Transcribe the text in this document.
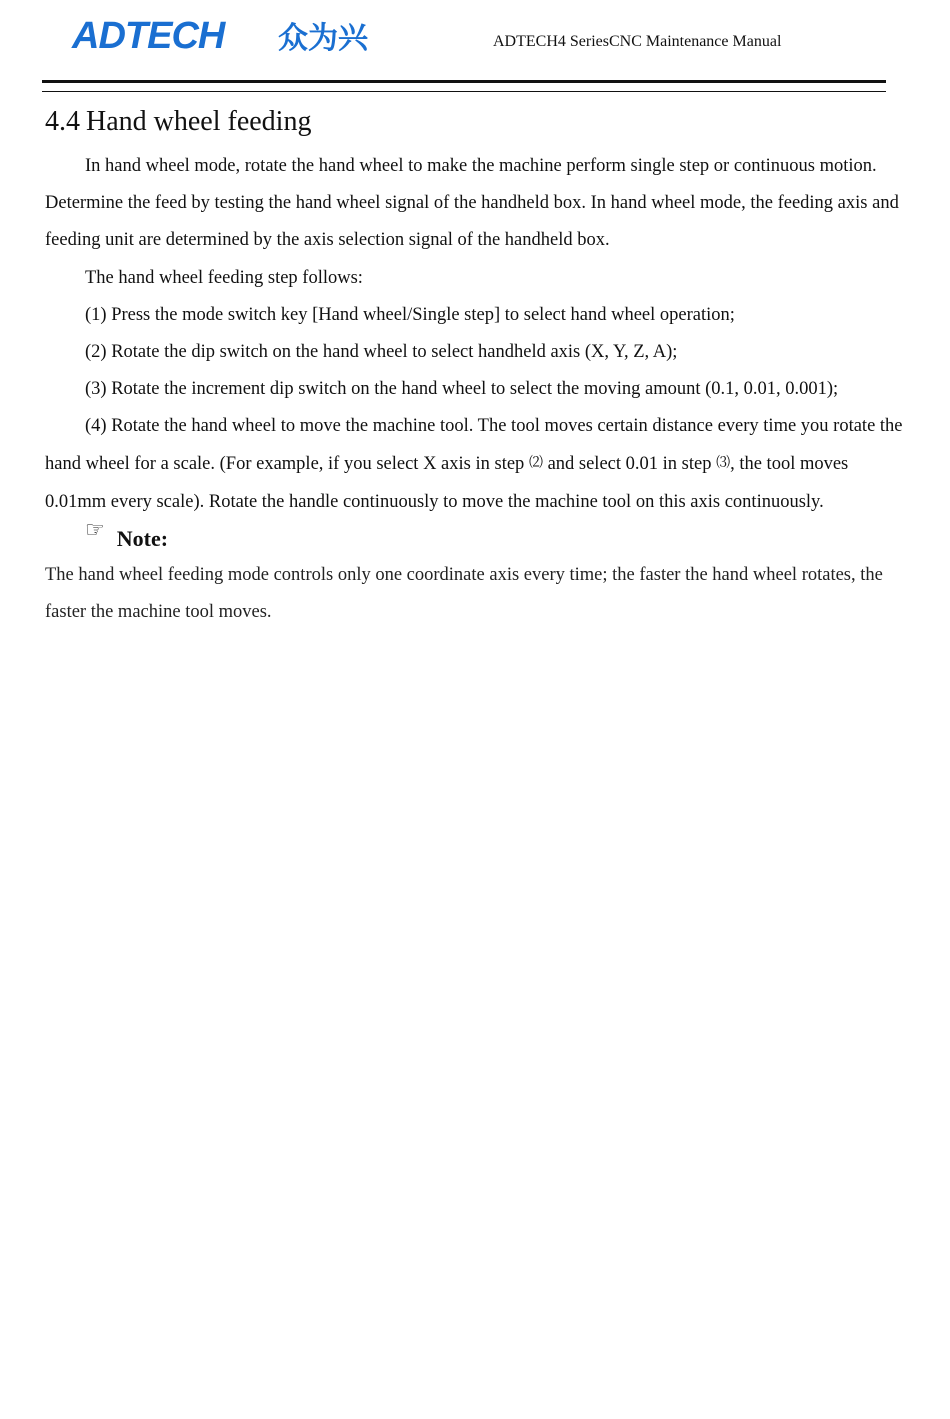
ADTECH 众为兴	ADTECH4 SeriesCNC Maintenance Manual
4.4 Hand wheel feeding

In hand wheel mode, rotate the hand wheel to make the machine perform single step or continuous motion. Determine the feed by testing the hand wheel signal of the handheld box. In hand wheel mode, the feeding axis and feeding unit are determined by the axis selection signal of the handheld box.

The hand wheel feeding step follows:

(1) Press the mode switch key [Hand wheel/Single step] to select hand wheel operation;

(2) Rotate the dip switch on the hand wheel to select handheld axis (X, Y, Z, A);

(3) Rotate the increment dip switch on the hand wheel to select the moving amount (0.1, 0.01, 0.001);

(4) Rotate the hand wheel to move the machine tool. The tool moves certain distance every time you rotate the hand wheel for a scale. (For example, if you select X axis in step ⑵ and select 0.01 in step ⑶, the tool moves 0.01mm every scale). Rotate the handle continuously to move the machine tool on this axis continuously.

☞ Note:

The hand wheel feeding mode controls only one coordinate axis every time; the faster the hand wheel rotates, the faster the machine tool moves.
